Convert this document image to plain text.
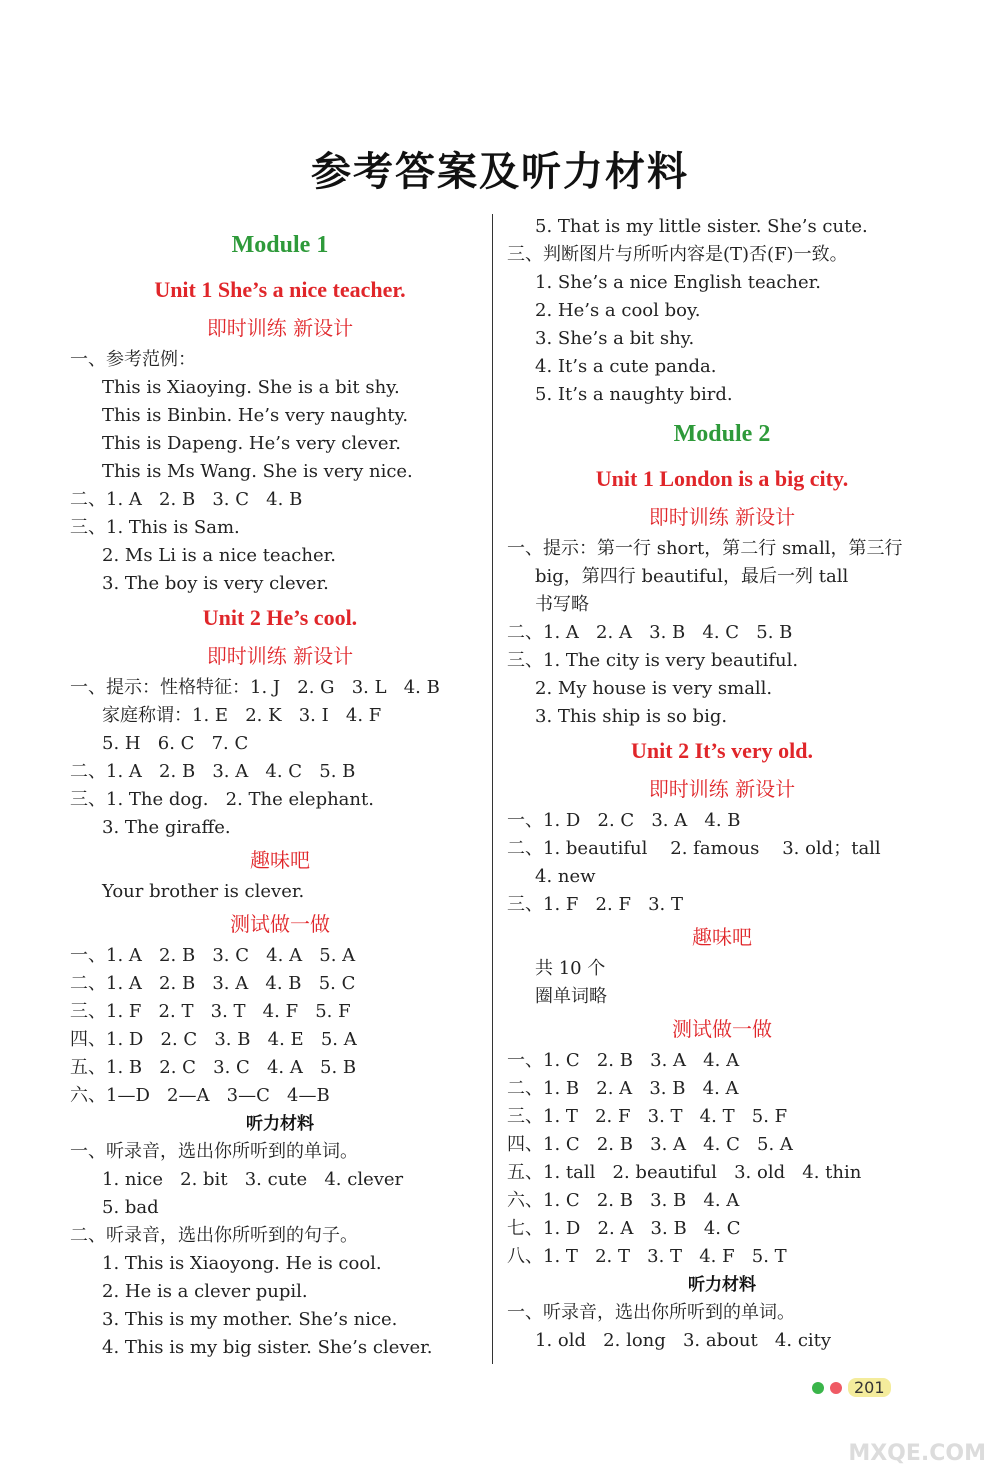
参考答案及听力材料
Module 1
Unit 1 She’s a nice teacher.
即时训练 新设计
一、参考范例：
This is Xiaoying. She is a bit shy.
This is Binbin. He’s very naughty.
This is Dapeng. He’s very clever.
This is Ms Wang. She is very nice.
二、1. A   2. B   3. C   4. B
三、1. This is Sam.
2. Ms Li is a nice teacher.
3. The boy is very clever.
Unit 2 He’s cool.
即时训练 新设计
一、提示：性格特征：1. J   2. G   3. L   4. B
家庭称谓：1. E   2. K   3. I   4. F
5. H   6. C   7. C
二、1. A   2. B   3. A   4. C   5. B
三、1. The dog.   2. The elephant.
3. The giraffe.
趣味吧
Your brother is clever.
测试做一做
一、1. A   2. B   3. C   4. A   5. A
二、1. A   2. B   3. A   4. B   5. C
三、1. F   2. T   3. T   4. F   5. F
四、1. D   2. C   3. B   4. E   5. A
五、1. B   2. C   3. C   4. A   5. B
六、1—D   2—A   3—C   4—B
听力材料
一、听录音，选出你所听到的单词。
1. nice   2. bit   3. cute   4. clever
5. bad
二、听录音，选出你所听到的句子。
1. This is Xiaoyong. He is cool.
2. He is a clever pupil.
3. This is my mother. She’s nice.
4. This is my big sister. She’s clever.
5. That is my little sister. She’s cute.
三、判断图片与所听内容是(T)否(F)一致。
1. She’s a nice English teacher.
2. He’s a cool boy.
3. She’s a bit shy.
4. It’s a cute panda.
5. It’s a naughty bird.
Module 2
Unit 1 London is a big city.
即时训练 新设计
一、提示：第一行 short，第二行 small，第三行
big，第四行 beautiful，最后一列 tall
书写略
二、1. A   2. A   3. B   4. C   5. B
三、1. The city is very beautiful.
2. My house is very small.
3. This ship is so big.
Unit 2 It’s very old.
即时训练 新设计
一、1. D   2. C   3. A   4. B
二、1. beautiful    2. famous    3. old；tall
4. new
三、1. F   2. F   3. T
趣味吧
共 10 个
圈单词略
测试做一做
一、1. C   2. B   3. A   4. A
二、1. B   2. A   3. B   4. A
三、1. T   2. F   3. T   4. T   5. F
四、1. C   2. B   3. A   4. C   5. A
五、1. tall   2. beautiful   3. old   4. thin
六、1. C   2. B   3. B   4. A
七、1. D   2. A   3. B   4. C
八、1. T   2. T   3. T   4. F   5. T
听力材料
一、听录音，选出你所听到的单词。
1. old   2. long   3. about   4. city
201
MXQE.COM
